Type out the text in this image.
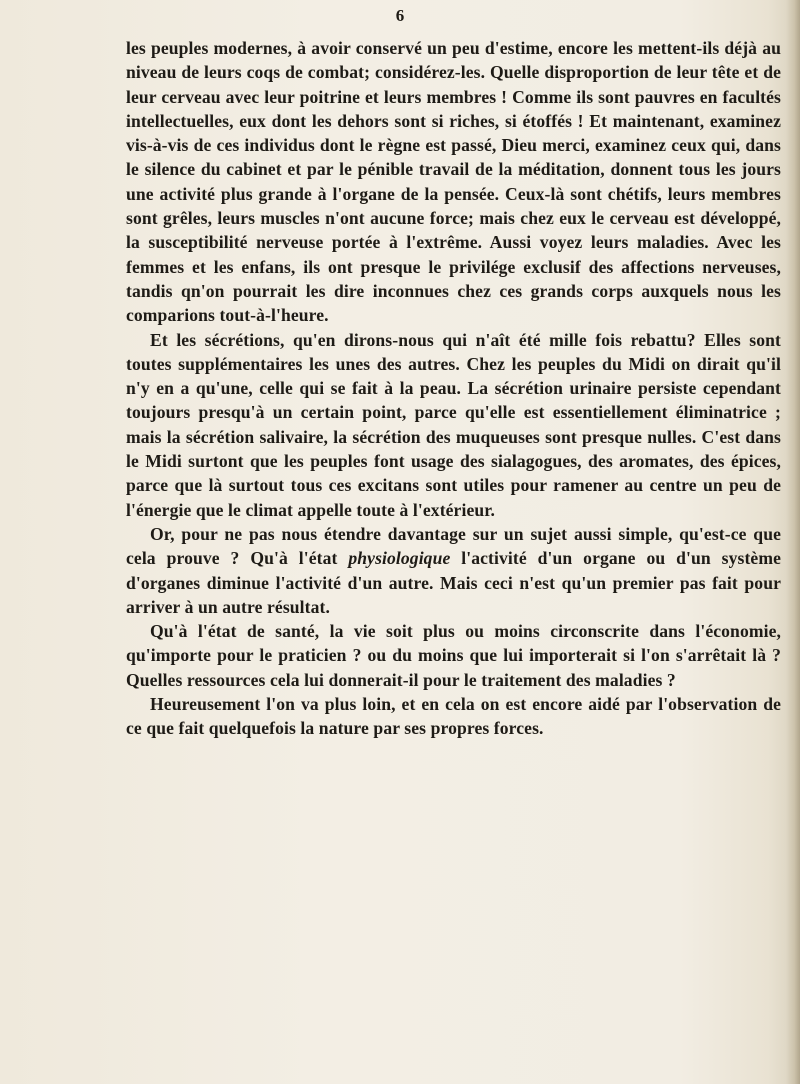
6

les peuples modernes, à avoir conservé un peu d'estime, encore les mettent-ils déjà au niveau de leurs coqs de combat; considérez-les. Quelle disproportion de leur tête et de leur cerveau avec leur poitrine et leurs membres ! Comme ils sont pauvres en facultés intellectuelles, eux dont les dehors sont si riches, si étoffés ! Et maintenant, examinez vis-à-vis de ces individus dont le règne est passé, Dieu merci, examinez ceux qui, dans le silence du cabinet et par le pénible travail de la méditation, donnent tous les jours une activité plus grande à l'organe de la pensée. Ceux-là sont chétifs, leurs membres sont grêles, leurs muscles n'ont aucune force; mais chez eux le cerveau est développé, la susceptibilité nerveuse portée à l'extrême. Aussi voyez leurs maladies. Avec les femmes et les enfans, ils ont presque le privilége exclusif des affections nerveuses, tandis qn'on pourrait les dire inconnues chez ces grands corps auxquels nous les comparions tout-à-l'heure.

Et les sécrétions, qu'en dirons-nous qui n'aît été mille fois rebattu? Elles sont toutes supplémentaires les unes des autres. Chez les peuples du Midi on dirait qu'il n'y en a qu'une, celle qui se fait à la peau. La sécrétion urinaire persiste cependant toujours presqu'à un certain point, parce qu'elle est essentiellement éliminatrice ; mais la sécrétion salivaire, la sécrétion des muqueuses sont presque nulles. C'est dans le Midi surtont que les peuples font usage des sialagogues, des aromates, des épices, parce que là surtout tous ces excitans sont utiles pour ramener au centre un peu de l'énergie que le climat appelle toute à l'extérieur.

Or, pour ne pas nous étendre davantage sur un sujet aussi simple, qu'est-ce que cela prouve ? Qu'à l'état physiologique l'activité d'un organe ou d'un système d'organes diminue l'activité d'un autre. Mais ceci n'est qu'un premier pas fait pour arriver à un autre résultat.

Qu'à l'état de santé, la vie soit plus ou moins circonscrite dans l'économie, qu'importe pour le praticien ? ou du moins que lui importerait si l'on s'arrêtait là ? Quelles ressources cela lui donnerait-il pour le traitement des maladies ?

Heureusement l'on va plus loin, et en cela on est encore aidé par l'observation de ce que fait quelquefois la nature par ses propres forces.
